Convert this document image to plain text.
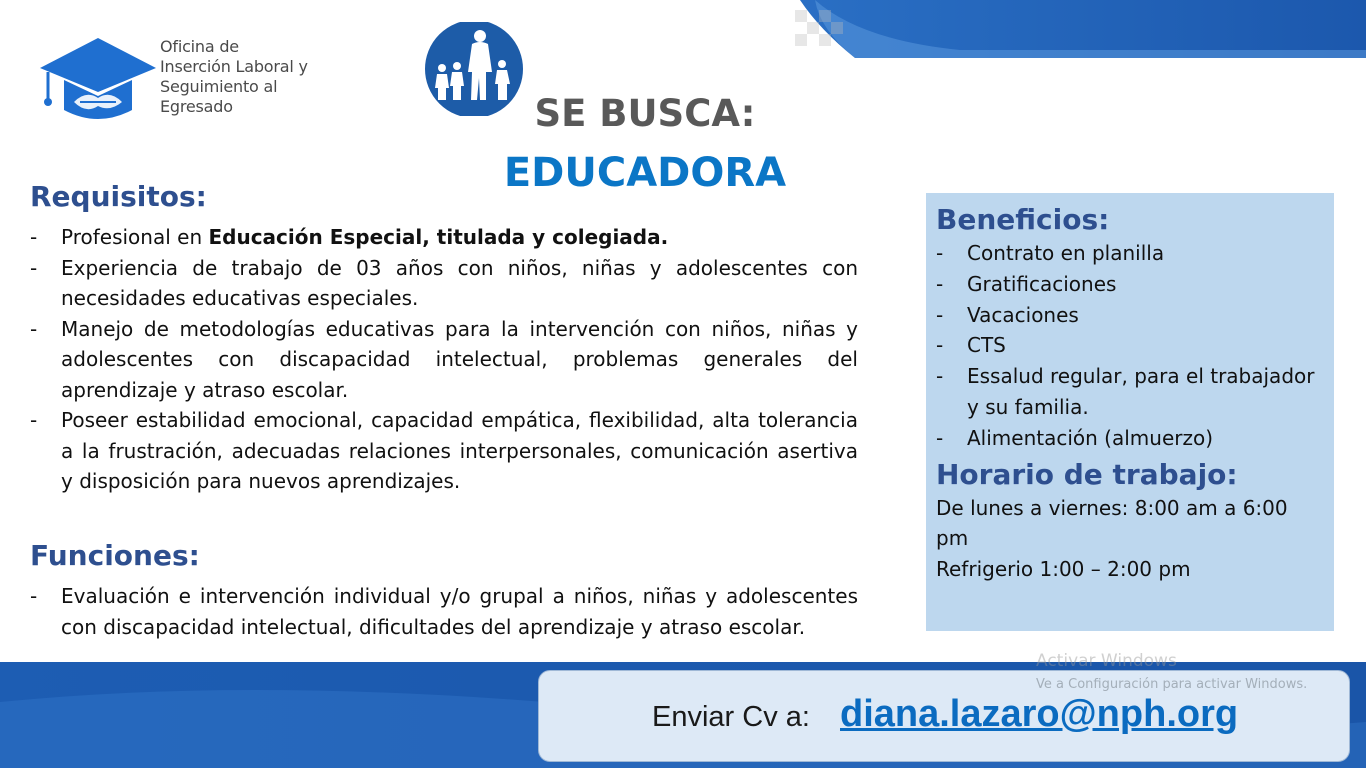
Oficina de
Inserción Laboral y
Seguimiento al
Egresado	SE BUSCA:
EDUCADORA
Requisitos:
- Profesional en Educación Especial, titulada y colegiada.
- Experiencia de trabajo de 03 años con niños, niñas y adolescentes con necesidades educativas especiales.
- Manejo de metodologías educativas para la intervención con niños, niñas y adolescentes con discapacidad intelectual, problemas generales del aprendizaje y atraso escolar.
- Poseer estabilidad emocional, capacidad empática, flexibilidad, alta tolerancia a la frustración, adecuadas relaciones interpersonales, comunicación asertiva y disposición para nuevos aprendizajes.
Funciones:
- Evaluación e intervención individual y/o grupal a niños, niñas y adolescentes con discapacidad intelectual, dificultades del aprendizaje y atraso escolar.
Beneficios:
- Contrato en planilla
- Gratificaciones
- Vacaciones
- CTS
- Essalud regular, para el trabajador y su familia.
- Alimentación (almuerzo)
Horario de trabajo:
De lunes a viernes: 8:00 am a 6:00 pm
Refrigerio 1:00 – 2:00 pm
Enviar Cv a: diana.lazaro@nph.org
Activar Windows
Ve a Configuración para activar Windows.
